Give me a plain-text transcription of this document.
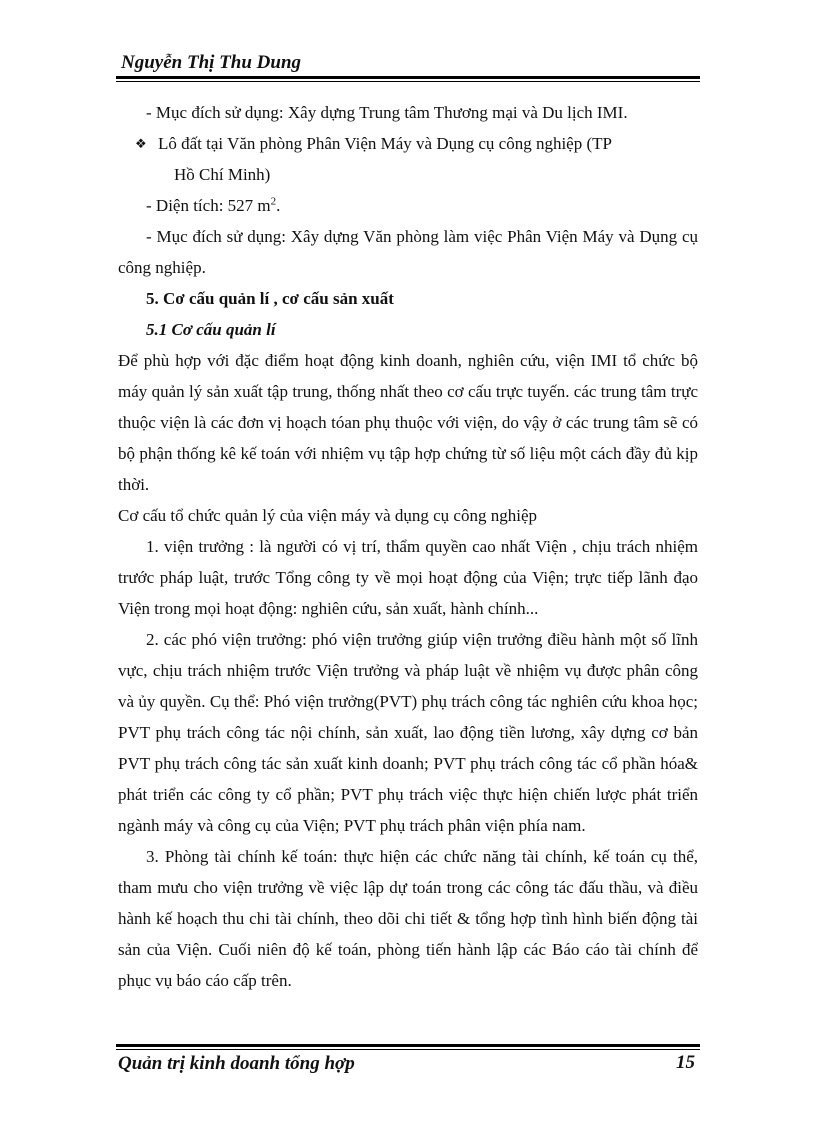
Nguyễn Thị Thu Dung

- Mục đích sử dụng: Xây dựng Trung tâm Thương mại và Du lịch IMI.

❖ Lô đất tại Văn phòng Phân Viện Máy và Dụng cụ công nghiệp (TP

Hồ Chí Minh)

- Diện tích: 527 $m^2$.

- Mục đích sử dụng: Xây dựng Văn phòng làm việc Phân Viện Máy và Dụng cụ công nghiệp.

5. Cơ cấu quản lí , cơ cấu sản xuất

5.1 Cơ cấu quản lí

Để phù hợp với đặc điểm hoạt động kinh doanh, nghiên cứu, viện IMI tổ chức bộ máy quản lý sản xuất tập trung, thống nhất theo cơ cấu trực tuyến. các trung tâm trực thuộc viện là các đơn vị hoạch tóan phụ thuộc với viện, do vậy ở các trung tâm sẽ có bộ phận thống kê kế toán với nhiệm vụ tập hợp chứng từ số liệu một cách đầy đủ kịp thời.

Cơ cấu tổ chức quản lý của viện máy và dụng cụ công nghiệp

1. viện trưởng : là người có vị trí, thẩm quyền cao nhất Viện , chịu trách nhiệm trước pháp luật, trước Tổng công ty về mọi hoạt động của Viện; trực tiếp lãnh đạo Viện trong mọi hoạt động: nghiên cứu, sản xuất, hành chính...

2. các phó viện trưởng: phó viện trưởng giúp viện trưởng điều hành một số lĩnh vực, chịu trách nhiệm trước Viện trưởng và pháp luật về nhiệm vụ được phân công và ủy quyền. Cụ thể: Phó viện trưởng(PVT) phụ trách công tác nghiên cứu khoa học; PVT phụ trách công tác nội chính, sản xuất, lao động tiền lương, xây dựng cơ bản PVT phụ trách công tác sản xuất kinh doanh; PVT phụ trách công tác cổ phần hóa& phát triển các công ty cổ phần; PVT phụ trách việc thực hiện chiến lược phát triển ngành máy và công cụ của Viện; PVT phụ trách phân viện phía nam.

3. Phòng tài chính kế toán: thực hiện các chức năng tài chính, kế toán cụ thể, tham mưu cho viện trưởng về việc lập dự toán trong các công tác đấu thầu, và điều hành kế hoạch thu chi tài chính, theo dõi chi tiết & tổng hợp tình hình biến động tài sản của Viện. Cuối niên độ kế toán, phòng tiến hành lập các Báo cáo tài chính để phục vụ báo cáo cấp trên.

Quản trị kinh doanh tổng hợp	15
